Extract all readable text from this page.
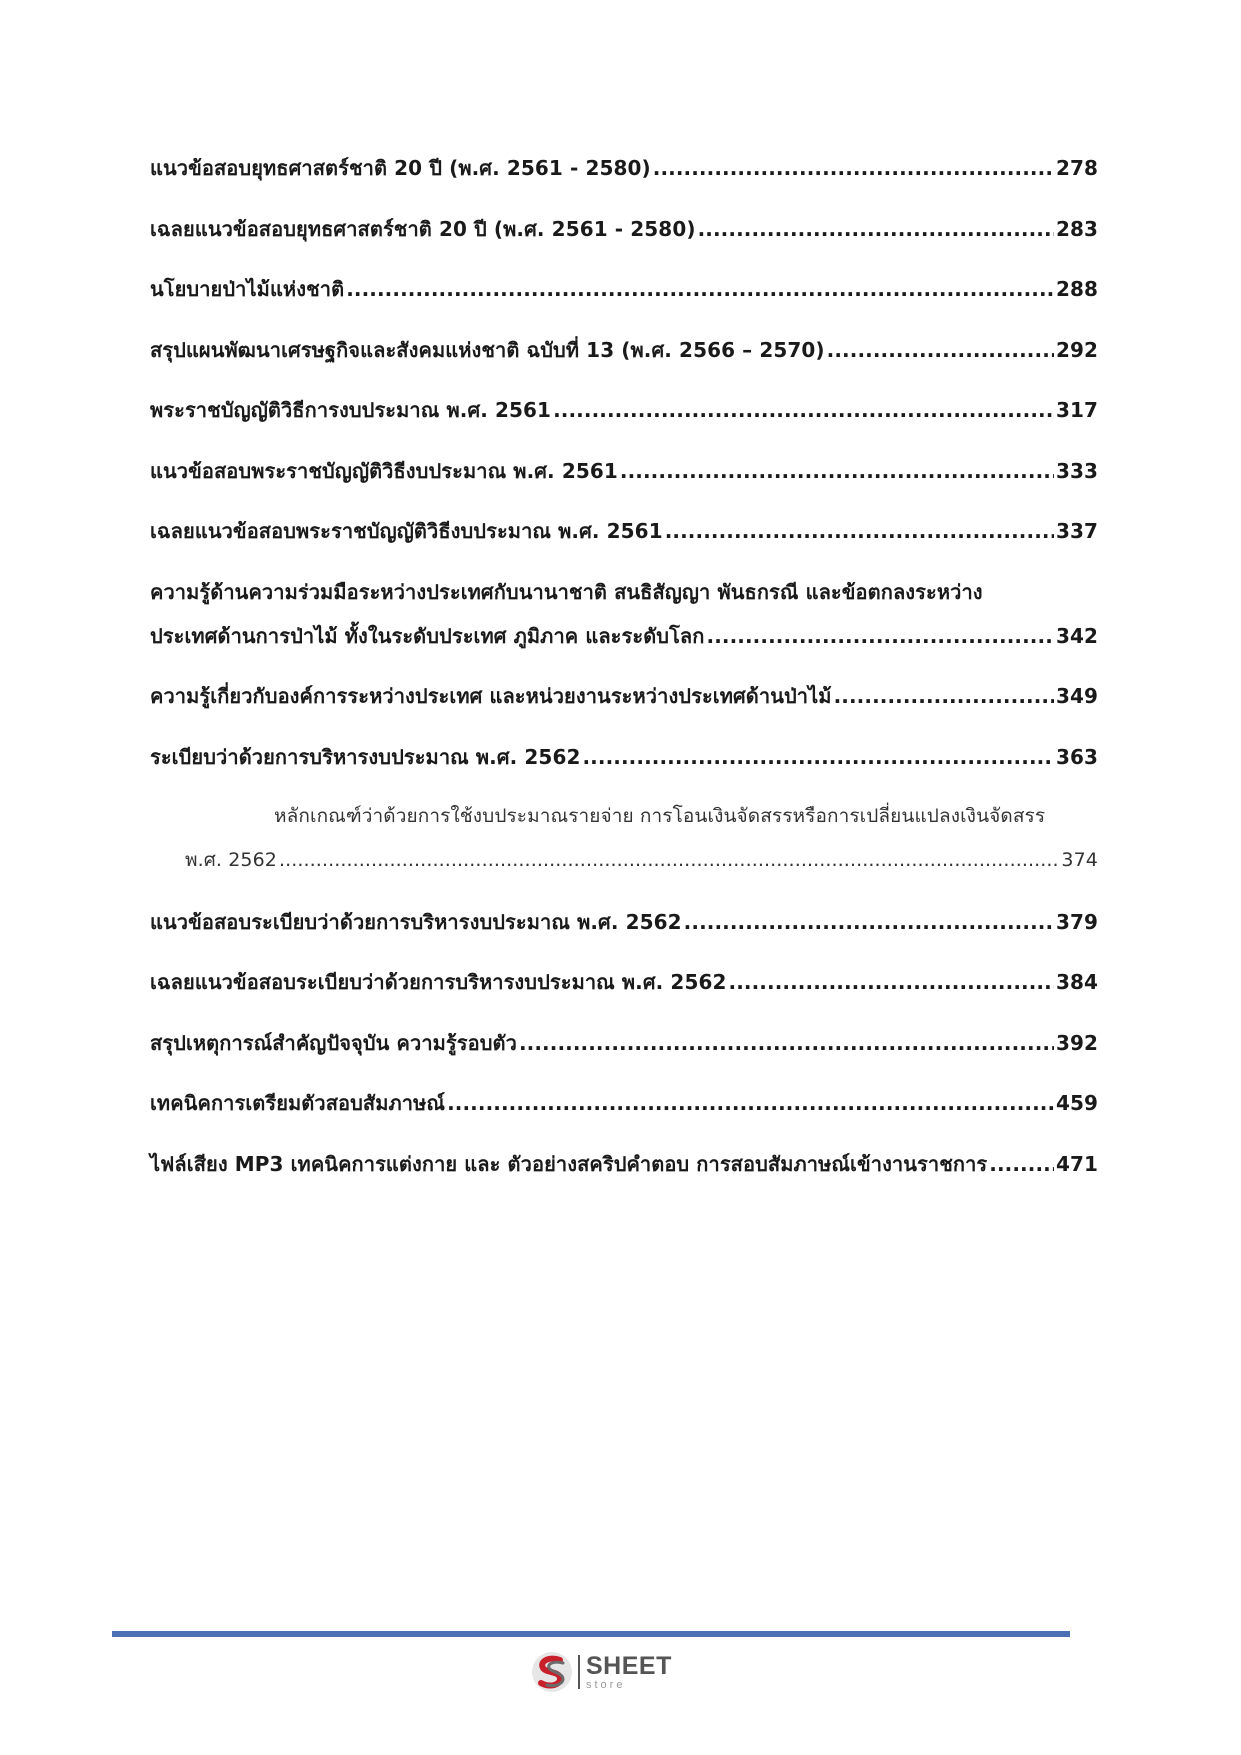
แนวข้อสอบยุทธศาสตร์ชาติ 20 ปี (พ.ศ. 2561 - 2580) .....	278
เฉลยแนวข้อสอบยุทธศาสตร์ชาติ 20 ปี (พ.ศ. 2561 - 2580) .....	283
นโยบายป่าไม้แห่งชาติ .....	288
สรุปแผนพัฒนาเศรษฐกิจและสังคมแห่งชาติ ฉบับที่ 13 (พ.ศ. 2566 – 2570) .....	292
พระราชบัญญัติวิธีการงบประมาณ พ.ศ. 2561 .....	317
แนวข้อสอบพระราชบัญญัติวิธีงบประมาณ พ.ศ. 2561 .....	333
เฉลยแนวข้อสอบพระราชบัญญัติวิธีงบประมาณ พ.ศ. 2561 .....	337
ความรู้ด้านความร่วมมือระหว่างประเทศกับนานาชาติ สนธิสัญญา พันธกรณี และข้อตกลงระหว่าง
ประเทศด้านการป่าไม้ ทั้งในระดับประเทศ ภูมิภาค และระดับโลก .....	342
ความรู้เกี่ยวกับองค์การระหว่างประเทศ และหน่วยงานระหว่างประเทศด้านป่าไม้ .....	349
ระเบียบว่าด้วยการบริหารงบประมาณ พ.ศ. 2562 .....	363
หลักเกณฑ์ว่าด้วยการใช้งบประมาณรายจ่าย การโอนเงินจัดสรรหรือการเปลี่ยนแปลงเงินจัดสรร
พ.ศ. 2562 .....	374
แนวข้อสอบระเบียบว่าด้วยการบริหารงบประมาณ พ.ศ. 2562 .....	379
เฉลยแนวข้อสอบระเบียบว่าด้วยการบริหารงบประมาณ พ.ศ. 2562 .....	384
สรุปเหตุการณ์สำคัญปัจจุบัน ความรู้รอบตัว .....	392
เทคนิคการเตรียมตัวสอบสัมภาษณ์ .....	459
ไฟล์เสียง MP3 เทคนิคการแต่งกาย และ ตัวอย่างสคริปคำตอบ การสอบสัมภาษณ์เข้างานราชการ .....	471
SHEET
store
